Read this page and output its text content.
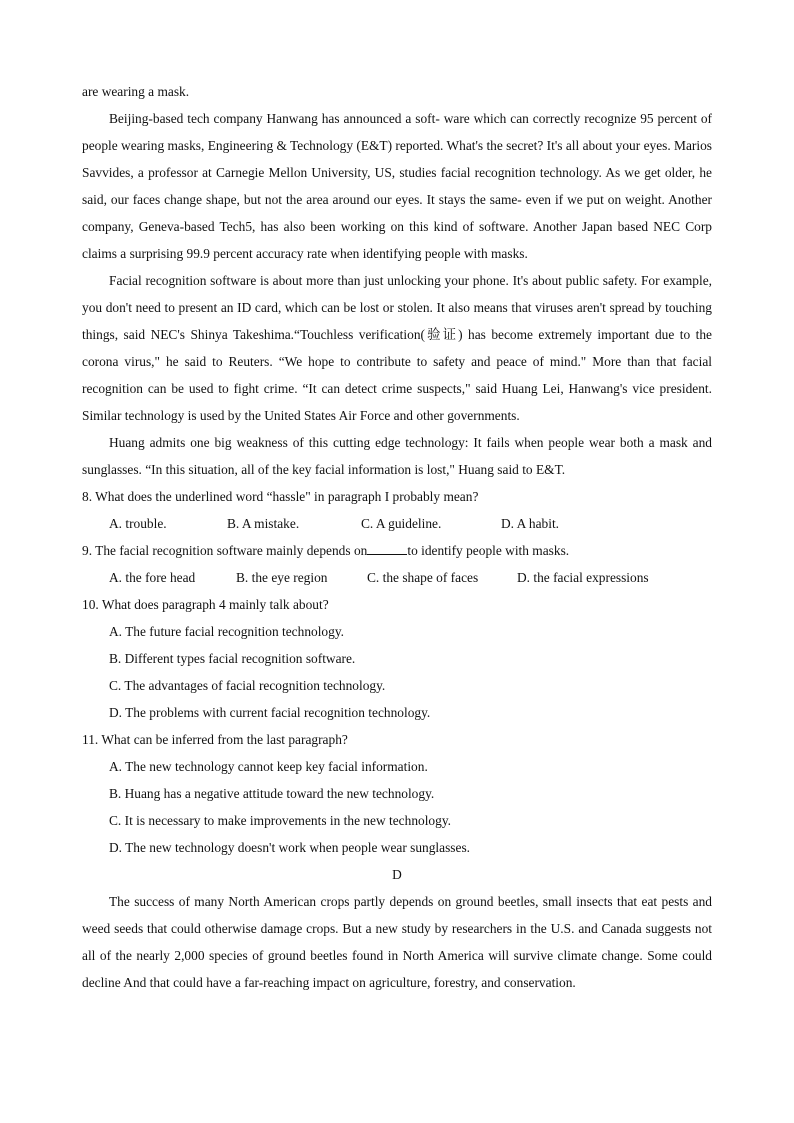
are wearing a mask.

Beijing-based tech company Hanwang has announced a soft- ware which can correctly recognize 95 percent of people wearing masks, Engineering & Technology (E&T) reported. What's the secret? It's all about your eyes. Marios Savvides, a professor at Carnegie Mellon University, US, studies facial recognition technology. As we get older, he said, our faces change shape, but not the area around our eyes. It stays the same- even if we put on weight. Another company, Geneva-based Tech5, has also been working on this kind of software. Another Japan based NEC Corp claims a surprising 99.9 percent accuracy rate when identifying people with masks.

Facial recognition software is about more than just unlocking your phone. It's about public safety. For example, you don't need to present an ID card, which can be lost or stolen. It also means that viruses aren't spread by touching things, said NEC's Shinya Takeshima.“Touchless verification(验证) has become extremely important due to the corona virus," he said to Reuters. “We hope to contribute to safety and peace of mind." More than that facial recognition can be used to fight crime. “It can detect crime suspects," said Huang Lei, Hanwang's vice president. Similar technology is used by the United States Air Force and other governments.

Huang admits one big weakness of this cutting edge technology: It fails when people wear both a mask and sunglasses. “In this situation, all of the key facial information is lost," Huang said to E&T.

8. What does the underlined word “hassle" in paragraph I probably mean?

A. trouble.	B. A mistake.	C. A guideline.	D. A habit.

9. The facial recognition software mainly depends on	to identify people with masks.

A. the fore head	B. the eye region	C. the shape of faces	D. the facial expressions

10. What does paragraph 4 mainly talk about?

A. The future facial recognition technology.

B. Different types facial recognition software.

C. The advantages of facial recognition technology.

D. The problems with current facial recognition technology.

11. What can be inferred from the last paragraph?

A. The new technology cannot keep key facial information.

B. Huang has a negative attitude toward the new technology.

C. It is necessary to make improvements in the new technology.

D. The new technology doesn't work when people wear sunglasses.

D

The success of many North American crops partly depends on ground beetles, small insects that eat pests and weed seeds that could otherwise damage crops. But a new study by researchers in the U.S. and Canada suggests not all of the nearly 2,000 species of ground beetles found in North America will survive climate change. Some could decline And that could have a far-reaching impact on agriculture, forestry, and conservation.
